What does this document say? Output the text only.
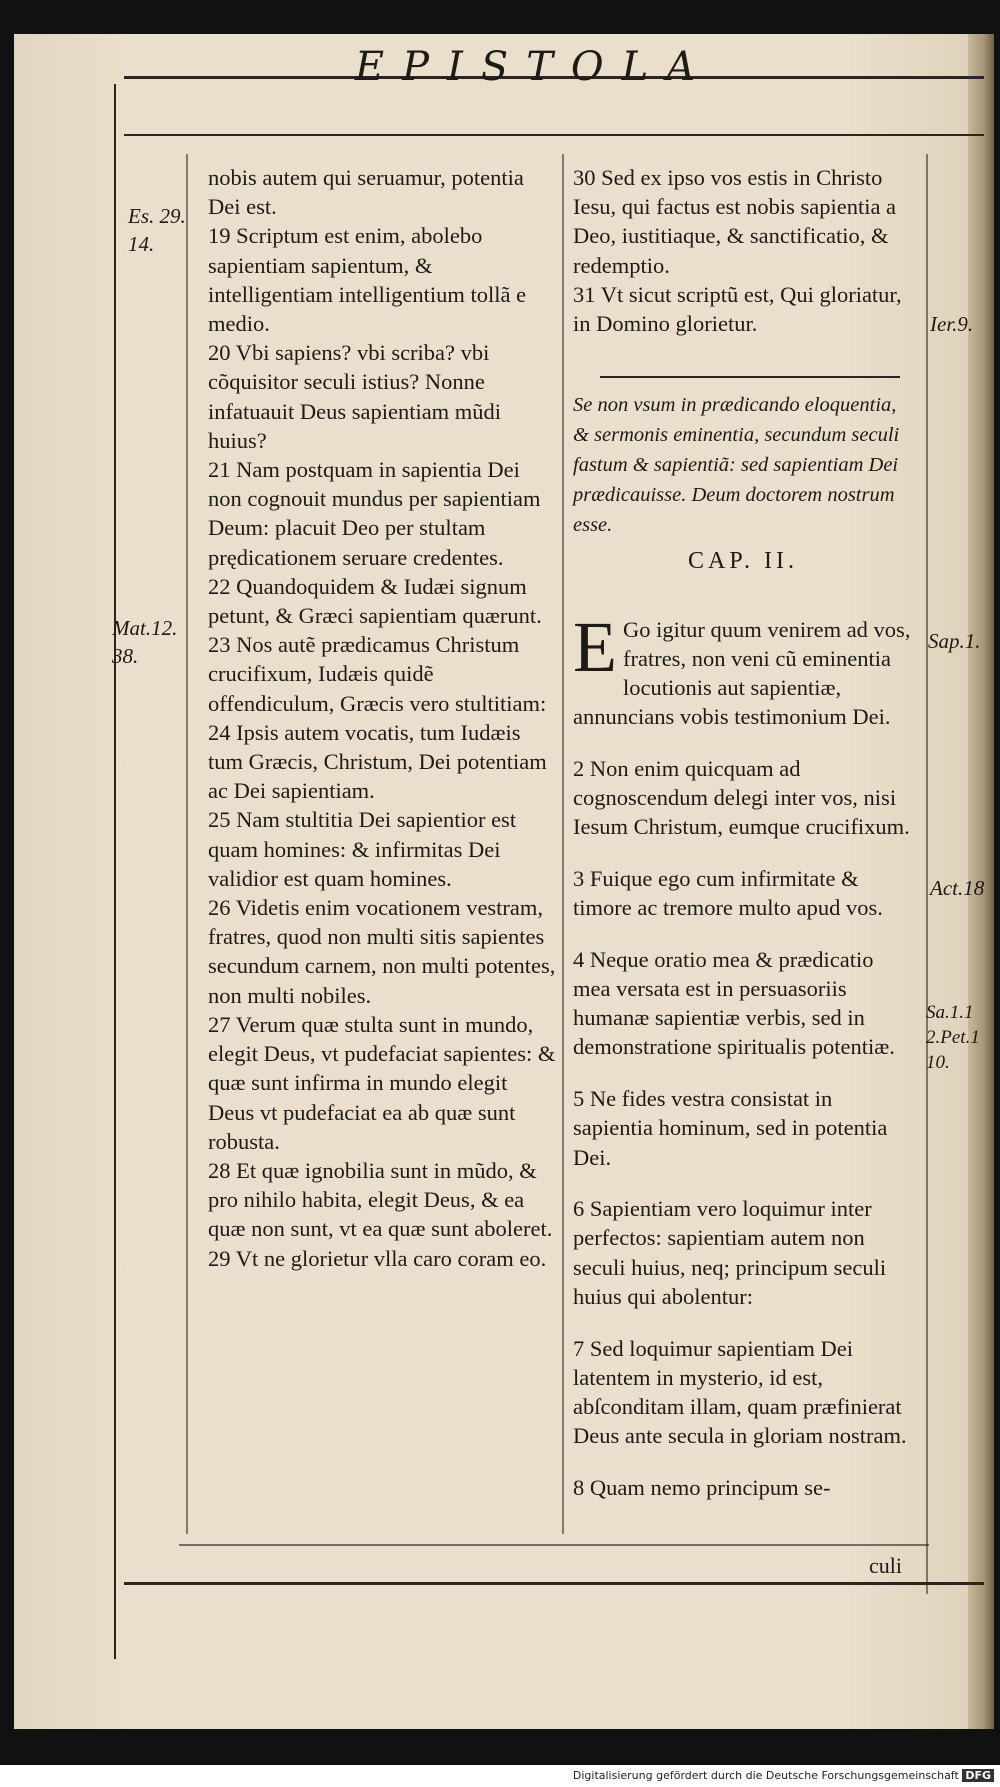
EPISTOLA
Es. 29.
14.
Mat.12.
38.
Ier.9.
Sap.1.
Act.18
Sa.1.1
2.Pet.1
10.

nobis autem qui seruamur, potentia Dei est.

19 Scriptum est enim, abolebo sapientiam sapientum, & intelligentiam intelligentium tollã e medio.

20 Vbi sapiens? vbi scriba? vbi cõquisitor seculi istius? Nonne infatuauit Deus sapientiam mũdi huius?

21 Nam postquam in sapientia Dei non cognouit mundus per sapientiam Deum: placuit Deo per stultam prędicationem seruare credentes.

22 Quandoquidem & Iudæi signum petunt, & Græci sapientiam quærunt.

23 Nos autẽ prædicamus Christum crucifixum, Iudæis quidẽ offendiculum, Græcis vero stultitiam:

24 Ipsis autem vocatis, tum Iudæis tum Græcis, Christum, Dei potentiam ac Dei sapientiam.

25 Nam stultitia Dei sapientior est quam homines: & infirmitas Dei validior est quam homines.

26 Videtis enim vocationem vestram, fratres, quod non multi sitis sapientes secundum carnem, non multi potentes, non multi nobiles.

27 Verum quæ stulta sunt in mundo, elegit Deus, vt pudefaciat sapientes: & quæ sunt infirma in mundo elegit Deus vt pudefaciat ea ab quæ sunt robusta.

28 Et quæ ignobilia sunt in mũdo, & pro nihilo habita, elegit Deus, & ea quæ non sunt, vt ea quæ sunt aboleret.

29 Vt ne glorietur vlla caro coram eo.

30 Sed ex ipso vos estis in Christo Iesu, qui factus est nobis sapientia a Deo, iustitiaque, & sanctificatio, & redemptio.

31 Vt sicut scriptũ est, Qui gloriatur, in Domino glorietur.

Se non vsum in prædicando eloquentia, & sermonis eminentia, secundum seculi fastum & sapientiã: sed sapientiam Dei prædicauisse. Deum doctorem nostrum esse.
CAP. II.

E Go igitur quum venirem ad vos, fratres, non veni cũ eminentia locutionis aut sapientiæ, annuncians vobis testimonium Dei.

2 Non enim quicquam ad cognoscendum delegi inter vos, nisi Iesum Christum, eumque crucifixum.

3 Fuique ego cum infirmitate & timore ac tremore multo apud vos.

4 Neque oratio mea & prædicatio mea versata est in persuasoriis humanæ sapientiæ verbis, sed in demonstratione spiritualis potentiæ.

5 Ne fides vestra consistat in sapientia hominum, sed in potentia Dei.

6 Sapientiam vero loquimur inter perfectos: sapientiam autem non seculi huius, neq; principum seculi huius qui abolentur:

7 Sed loquimur sapientiam Dei latentem in mysterio, id est, abſconditam illam, quam præfinierat Deus ante secula in gloriam nostram.

8 Quam nemo principum se-

culi
Digitalisierung gefördert durch die Deutsche Forschungsgemeinschaft DFG
